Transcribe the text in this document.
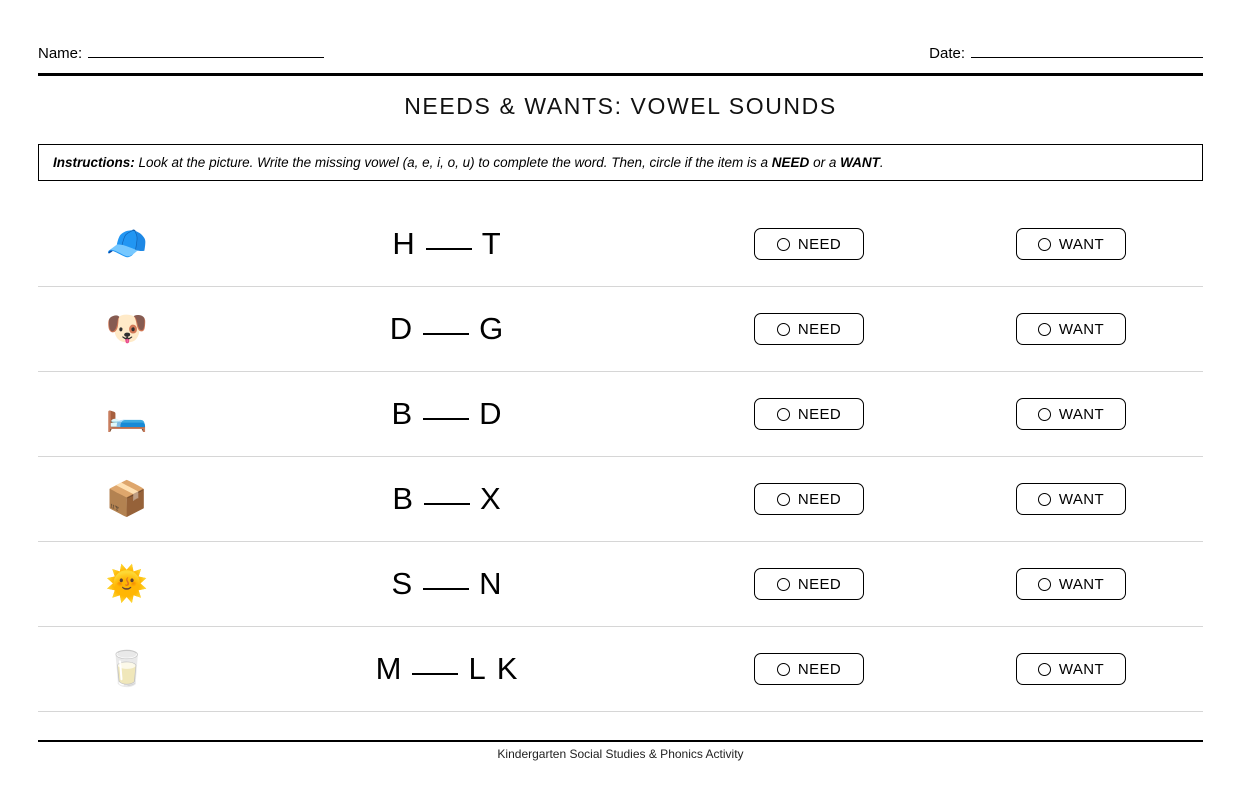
Name:	Date:
NEEDS & WANTS: VOWEL SOUNDS
Instructions: Look at the picture. Write the missing vowel (a, e, i, o, u) to complete the word. Then, circle if the item is a NEED or a WANT.
🧢	H T	NEED	WANT
🐶	D G	NEED	WANT
🛏️	B D	NEED	WANT
📦	B X	NEED	WANT
🌞	S N	NEED	WANT
🥛	M L K	NEED	WANT
Kindergarten Social Studies & Phonics Activity
